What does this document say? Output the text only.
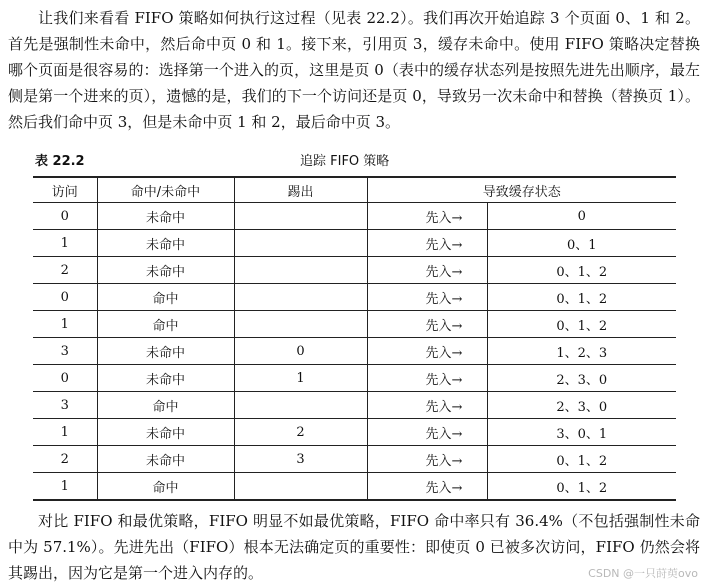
让我们来看看 FIFO 策略如何执行这过程（见表 22.2）。我们再次开始追踪 3 个页面 0、1 和 2。首先是强制性未命中，然后命中页 0 和 1。接下来，引用页 3，缓存未命中。使用 FIFO 策略决定替换哪个页面是很容易的：选择第一个进入的页，这里是页 0（表中的缓存状态列是按照先进先出顺序，最左侧是第一个进来的页），遗憾的是，我们的下一个访问还是页 0，导致另一次未命中和替换（替换页 1）。然后我们命中页 3，但是未命中页 1 和 2，最后命中页 3。

表 22.2	追踪 FIFO 策略
访问	命中/未命中	踢出	导致缓存状态	
0	未命中		先入→	0
1	未命中		先入→	0、1
2	未命中		先入→	0、1、2
0	命中		先入→	0、1、2
1	命中		先入→	0、1、2
3	未命中	0	先入→	1、2、3
0	未命中	1	先入→	2、3、0
3	命中		先入→	2、3、0
1	未命中	2	先入→	3、0、1
2	未命中	3	先入→	0、1、2
1	命中		先入→	0、1、2

对比 FIFO 和最优策略，FIFO 明显不如最优策略，FIFO 命中率只有 36.4%（不包括强制性未命中为 57.1%）。先进先出（FIFO）根本无法确定页的重要性：即使页 0 已被多次访问，FIFO 仍然会将其踢出，因为它是第一个进入内存的。	CSDN @一只莳萸ovo
